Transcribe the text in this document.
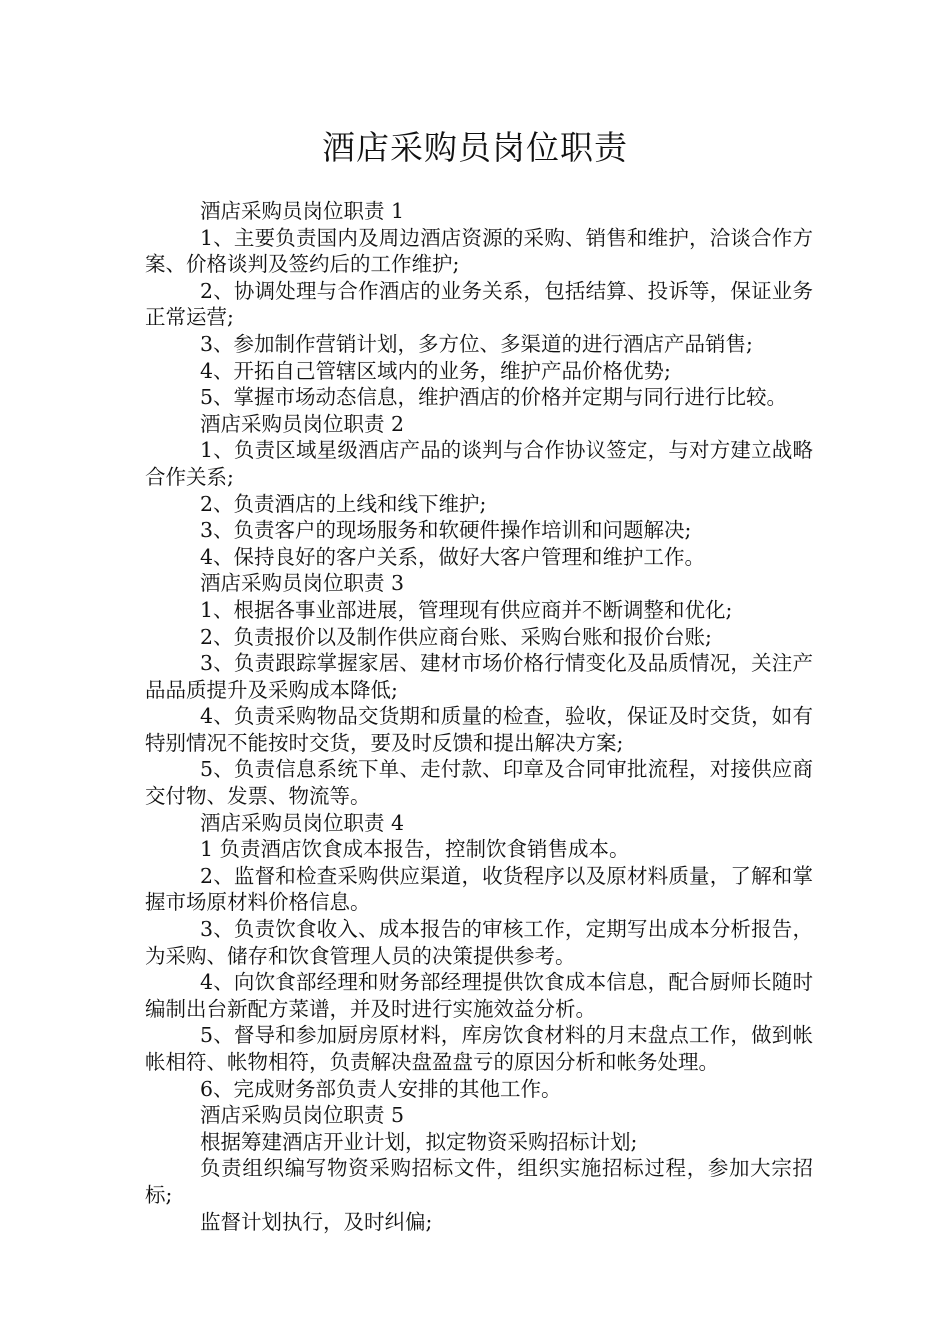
酒店采购员岗位职责

酒店采购员岗位职责 1

1、主要负责国内及周边酒店资源的采购、销售和维护，洽谈合作方案、价格谈判及签约后的工作维护;

2、协调处理与合作酒店的业务关系，包括结算、投诉等，保证业务正常运营;

3、参加制作营销计划，多方位、多渠道的进行酒店产品销售;

4、开拓自己管辖区域内的业务，维护产品价格优势;

5、掌握市场动态信息，维护酒店的价格并定期与同行进行比较。

酒店采购员岗位职责 2

1、负责区域星级酒店产品的谈判与合作协议签定，与对方建立战略合作关系;

2、负责酒店的上线和线下维护;

3、负责客户的现场服务和软硬件操作培训和问题解决;

4、保持良好的客户关系，做好大客户管理和维护工作。

酒店采购员岗位职责 3

1、根据各事业部进展，管理现有供应商并不断调整和优化;

2、负责报价以及制作供应商台账、采购台账和报价台账;

3、负责跟踪掌握家居、建材市场价格行情变化及品质情况，关注产品品质提升及采购成本降低;

4、负责采购物品交货期和质量的检查，验收，保证及时交货，如有特别情况不能按时交货，要及时反馈和提出解决方案;

5、负责信息系统下单、走付款、印章及合同审批流程，对接供应商交付物、发票、物流等。

酒店采购员岗位职责 4

1 负责酒店饮食成本报告，控制饮食销售成本。

2、监督和检查采购供应渠道，收货程序以及原材料质量，了解和掌握市场原材料价格信息。

3、负责饮食收入、成本报告的审核工作，定期写出成本分析报告，为采购、储存和饮食管理人员的决策提供参考。

4、向饮食部经理和财务部经理提供饮食成本信息，配合厨师长随时编制出台新配方菜谱，并及时进行实施效益分析。

5、督导和参加厨房原材料，库房饮食材料的月末盘点工作，做到帐帐相符、帐物相符，负责解决盘盈盘亏的原因分析和帐务处理。

6、完成财务部负责人安排的其他工作。

酒店采购员岗位职责 5

根据筹建酒店开业计划，拟定物资采购招标计划;

负责组织编写物资采购招标文件，组织实施招标过程，参加大宗招标;

监督计划执行，及时纠偏;
